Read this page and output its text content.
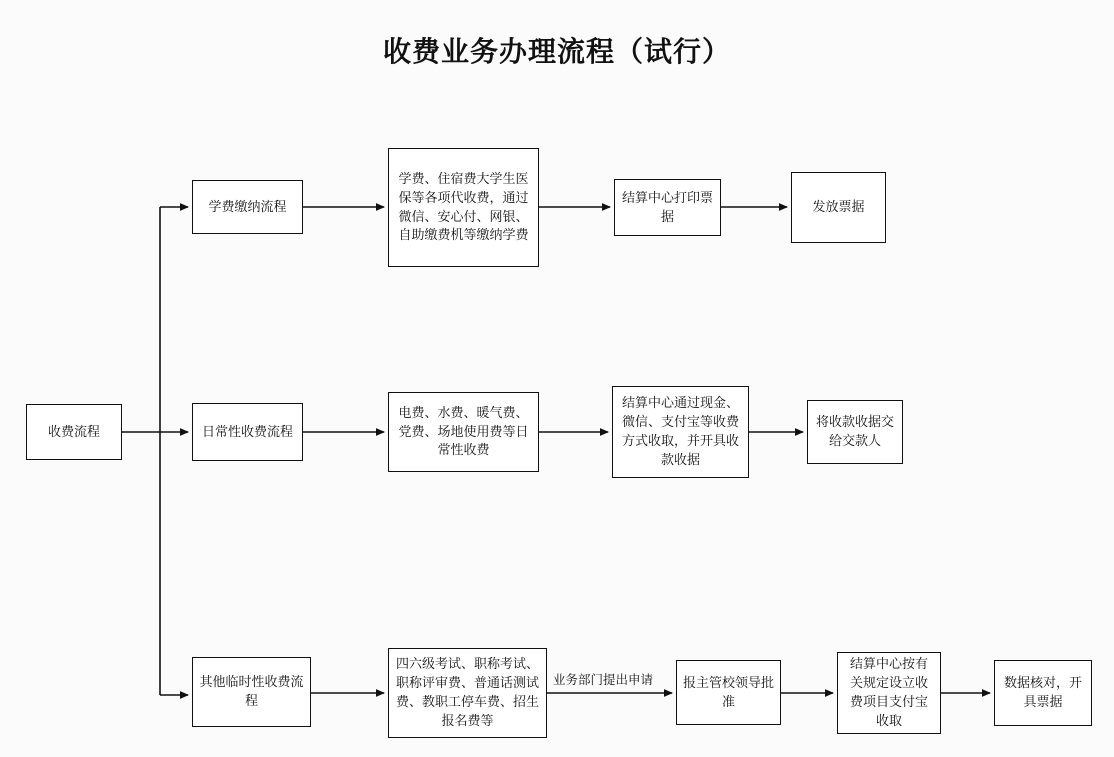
收费业务办理流程（试行）
收费流程
学费缴纳流程
学费、住宿费大学生医保等各项代收费，通过微信、安心付、网银、自助缴费机等缴纳学费
结算中心打印票据
发放票据
日常性收费流程
电费、水费、暖气费、党费、场地使用费等日常性收费
结算中心通过现金、微信、支付宝等收费方式收取，并开具收款收据
将收款收据交给交款人
其他临时性收费流程
四六级考试、职称考试、职称评审费、普通话测试费、教职工停车费、招生报名费等
业务部门提出申请 报主管校领导批准
结算中心按有关规定设立收费项目支付宝收取
数据核对，开具票据
